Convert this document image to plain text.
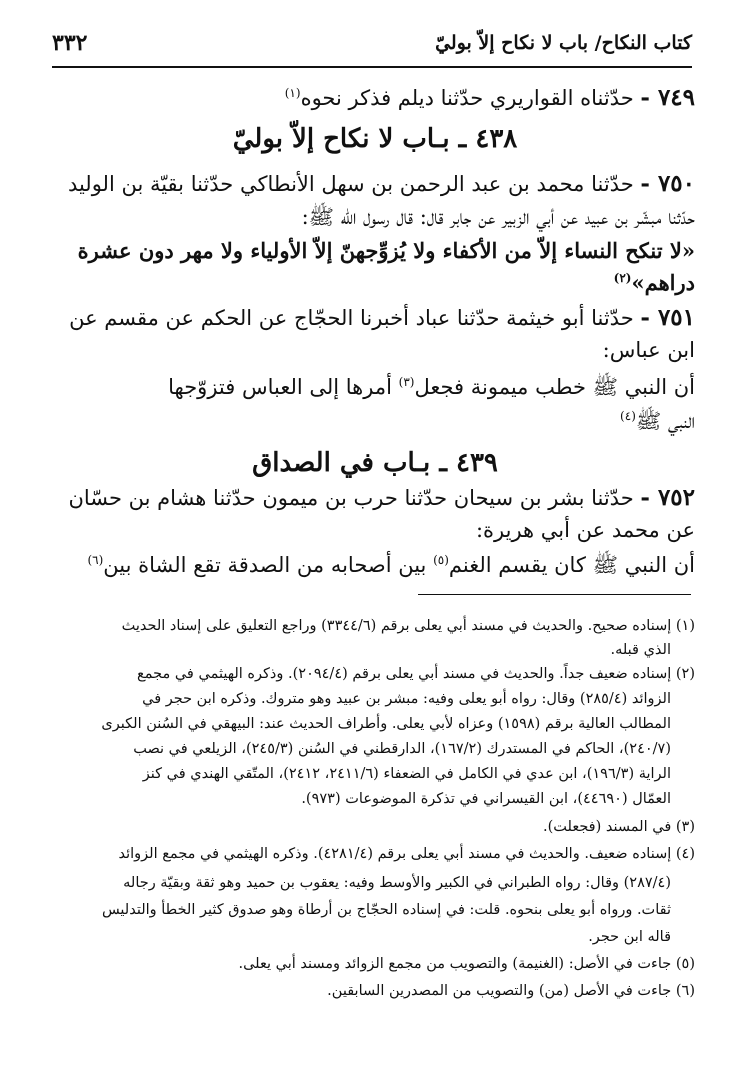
كتاب النكاح/ باب لا نكاح إلاّ بوليّ
٣٣٢
٧٤٩ - حدّثناه القواريري حدّثنا ديلم فذكر نحوه$^{(١)}$
٤٣٨ ـ بـاب لا نكاح إلاّ بوليّ
٧٥٠ - حدّثنا محمد بن عبد الرحمن بن سهل الأنطاكي حدّثنا بقيّة بن الوليد
حدّثنا مبشّر بن عبيد عن أبي الزبير عن جابر قال: قال رسول الله ﷺ:
«لا تنكح النساء إلاّ من الأكفاء ولا يُزوِّجهنّ إلاّ الأولياء ولا مهر دون عشرة
دراهم»$^{(٢)}$
٧٥١ - حدّثنا أبو خيثمة حدّثنا عباد أخبرنا الحجّاج عن الحكم عن مقسم عن
ابن عباس:
أن النبي ﷺ خطب ميمونة فجعل$^{(٣)}$ أمرها إلى العباس فتزوّجها
النبي ﷺ$^{(٤)}$
٤٣٩ ـ بـاب في الصداق
٧٥٢ - حدّثنا بشر بن سيحان حدّثنا حرب بن ميمون حدّثنا هشام بن حسّان
عن محمد عن أبي هريرة:
أن النبي ﷺ كان يقسم الغنم$^{(٥)}$ بين أصحابه من الصدقة تقع الشاة بين$^{(٦)}$
(١) إسناده صحيح. والحديث في مسند أبي يعلى برقم (٣٣٤٤/٦) وراجع التعليق على إسناد الحديث
الذي قبله.
(٢) إسناده ضعيف جداً. والحديث في مسند أبي يعلى برقم (٢٠٩٤/٤). وذكره الهيثمي في مجمع
الزوائد (٢٨٥/٤) وقال: رواه أبو يعلى وفيه: مبشر بن عبيد وهو متروك. وذكره ابن حجر في
المطالب العالية برقم (١٥٩٨) وعزاه لأبي يعلى. وأطراف الحديث عند: البيهقي في السُنن الكبرى
(٢٤٠/٧)، الحاكم في المستدرك (١٦٧/٢)، الدارقطني في السُنن (٢٤٥/٣)، الزيلعي في نصب
الراية (١٩٦/٣)، ابن عدي في الكامل في الضعفاء (٢٤١١/٦، ٢٤١٢)، المتّقي الهندي في كنز
العمّال (٤٤٦٩٠)، ابن القيسراني في تذكرة الموضوعات (٩٧٣).
(٣) في المسند (فجعلت).
(٤) إسناده ضعيف. والحديث في مسند أبي يعلى برقم (٤٢٨١/٤). وذكره الهيثمي في مجمع الزوائد
(٢٨٧/٤) وقال: رواه الطبراني في الكبير والأوسط وفيه: يعقوب بن حميد وهو ثقة وبقيّة رجاله
ثقات. ورواه أبو يعلى بنحوه. قلت: في إسناده الحجّاج بن أرطاة وهو صدوق كثير الخطأ والتدليس
قاله ابن حجر.
(٥) جاءت في الأصل: (الغنيمة) والتصويب من مجمع الزوائد ومسند أبي يعلى.
(٦) جاءت في الأصل (من) والتصويب من المصدرين السابقين.
